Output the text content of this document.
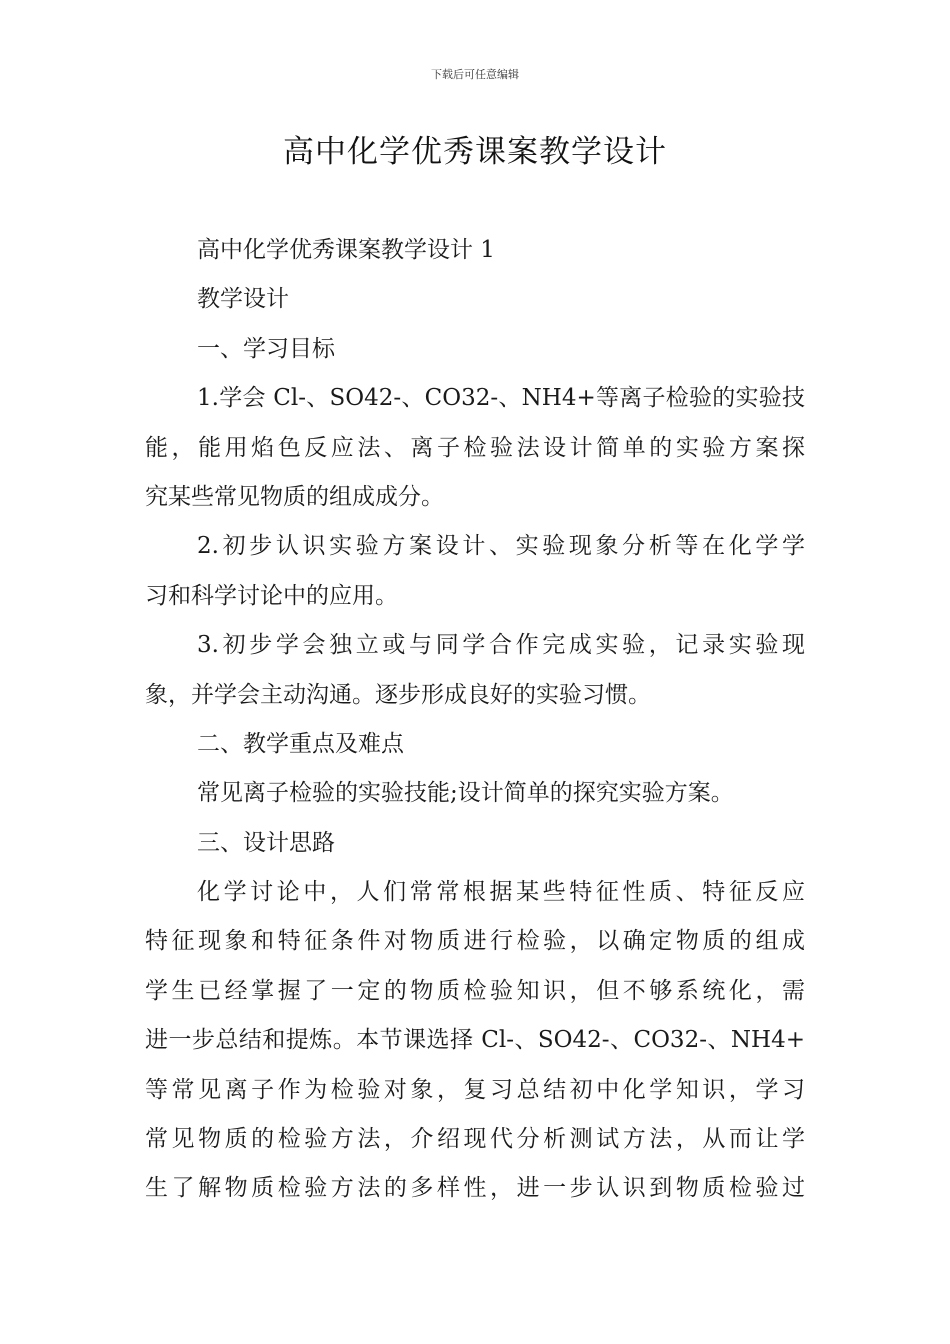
下载后可任意编辑
高中化学优秀课案教学设计
高中化学优秀课案教学设计 1
教学设计
一、学习目标
1.学会 Cl-、SO42-、CO32-、NH4+等离子检验的实验技
能，能用焰色反应法、离子检验法设计简单的实验方案探
究某些常见物质的组成成分。
2.初步认识实验方案设计、实验现象分析等在化学学
习和科学讨论中的应用。
3.初步学会独立或与同学合作完成实验，记录实验现
象，并学会主动沟通。逐步形成良好的实验习惯。
二、教学重点及难点
常见离子检验的实验技能;设计简单的探究实验方案。
三、设计思路
化学讨论中，人们常常根据某些特征性质、特征反应
特征现象和特征条件对物质进行检验，以确定物质的组成
学生已经掌握了一定的物质检验知识，但不够系统化，需
进一步总结和提炼。本节课选择 Cl-、SO42-、CO32-、NH4+
等常见离子作为检验对象，复习总结初中化学知识，学习
常见物质的检验方法，介绍现代分析测试方法，从而让学
生了解物质检验方法的多样性，进一步认识到物质检验过
